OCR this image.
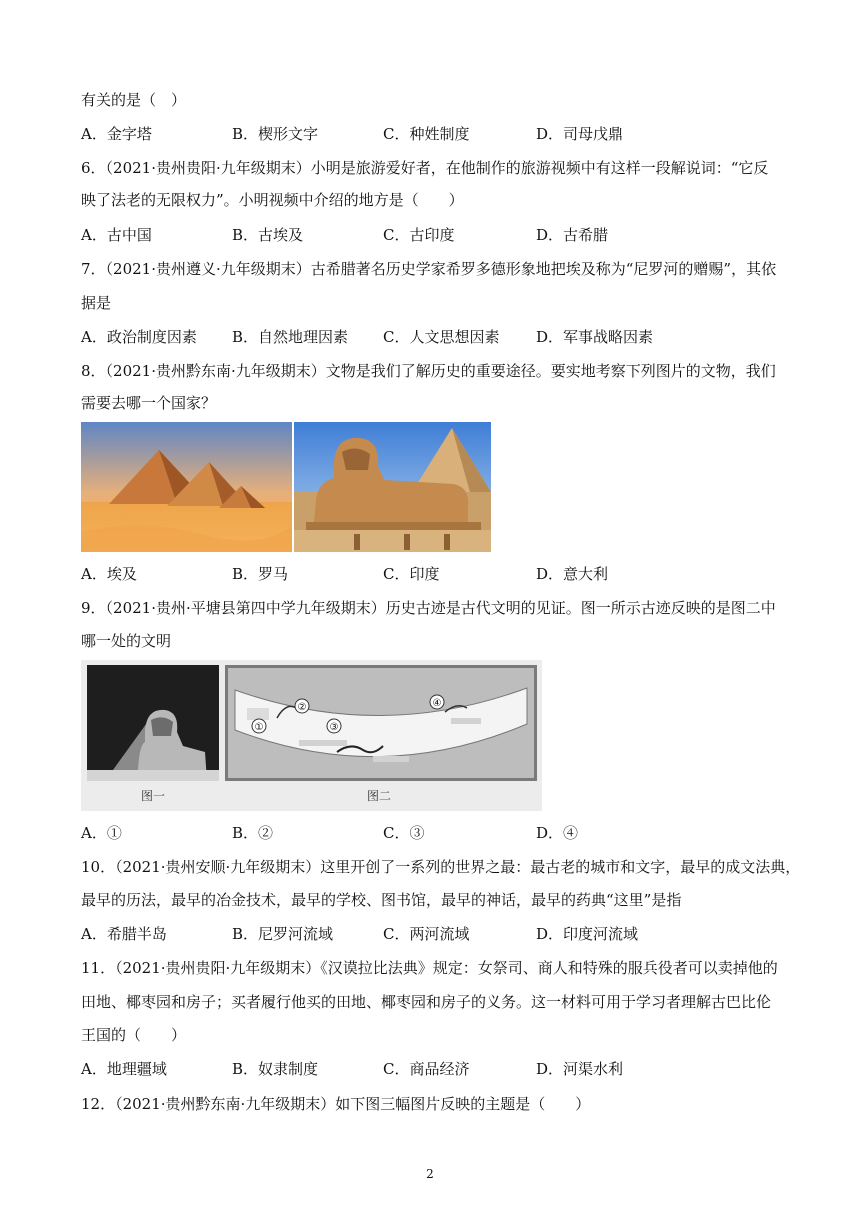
有关的是（　）
A．金字塔	B．楔形文字	C．种姓制度	D．司母戊鼎
6．（2021·贵州贵阳·九年级期末）小明是旅游爱好者，在他制作的旅游视频中有这样一段解说词：“它反
映了法老的无限权力”。小明视频中介绍的地方是（　　）
A．古中国	B．古埃及	C．古印度	D．古希腊
7．（2021·贵州遵义·九年级期末）古希腊著名历史学家希罗多德形象地把埃及称为“尼罗河的赠赐”，其依
据是
A．政治制度因素 B．自然地理因素 C．人文思想因素 D．军事战略因素
8．（2021·贵州黔东南·九年级期末）文物是我们了解历史的重要途径。要实地考察下列图片的文物，我们
需要去哪一个国家？
A．埃及	B．罗马	C．印度	D．意大利
9．（2021·贵州·平塘县第四中学九年级期末）历史古迹是古代文明的见证。图一所示古迹反映的是图二中
哪一处的文明
①
②
③
④
图一	图二
A．①	B．②	C．③	D．④
10．（2021·贵州安顺·九年级期末）这里开创了一系列的世界之最：最古老的城市和文字，最早的成文法典，
最早的历法，最早的冶金技术，最早的学校、图书馆，最早的神话，最早的药典“这里”是指
A．希腊半岛	B．尼罗河流域	C．两河流域	D．印度河流域
11．（2021·贵州贵阳·九年级期末）《汉谟拉比法典》规定：女祭司、商人和特殊的服兵役者可以卖掉他的
田地、椰枣园和房子；买者履行他买的田地、椰枣园和房子的义务。这一材料可用于学习者理解古巴比伦
王国的（　　）
A．地理疆域	B．奴隶制度	C．商品经济	D．河渠水利
12．（2021·贵州黔东南·九年级期末）如下图三幅图片反映的主题是（　　）
2
